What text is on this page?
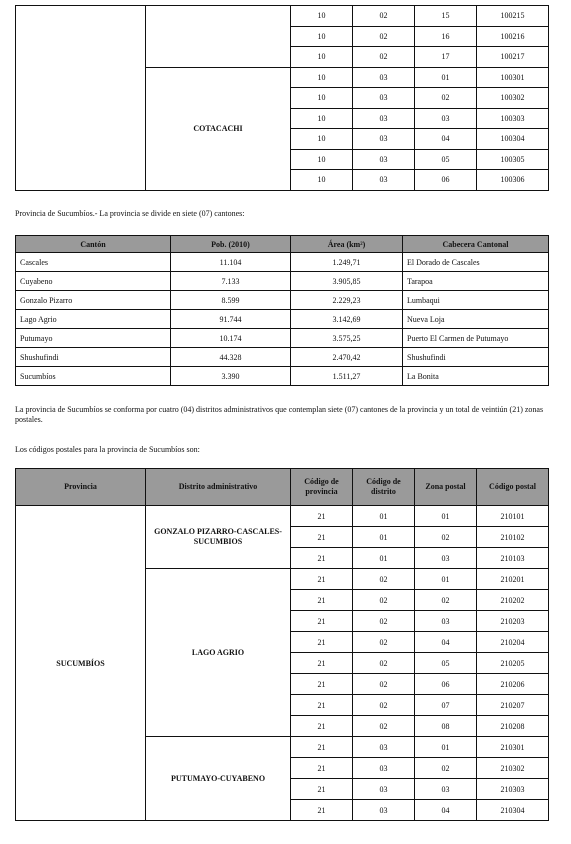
		10	02	15	100215
		10	02	16	100216
		10	02	17	100217
	COTACACHI	10	03	01	100301
		10	03	02	100302
		10	03	03	100303
		10	03	04	100304
		10	03	05	100305
		10	03	06	100306

Provincia de Sucumbíos.- La provincia se divide en siete (07) cantones:

Cantón	Pob. (2010)	Área (km²)	Cabecera Cantonal
Cascales	11.104	1.249,71	El Dorado de Cascales
Cuyabeno	7.133	3.905,85	Tarapoa
Gonzalo Pizarro	8.599	2.229,23	Lumbaqui
Lago Agrio	91.744	3.142,69	Nueva Loja
Putumayo	10.174	3.575,25	Puerto El Carmen de Putumayo
Shushufindi	44.328	2.470,42	Shushufindi
Sucumbíos	3.390	1.511,27	La Bonita

La provincia de Sucumbíos se conforma por cuatro (04) distritos administrativos que contemplan siete (07) cantones de la provincia y un total de veintiún (21) zonas postales.

Los códigos postales para la provincia de Sucumbíos son:

Provincia	Distrito administrativo	Código de provincia	Código de distrito	Zona postal	Código postal
SUCUMBÍOS	GONZALO PIZARRO-CASCALES-SUCUMBIOS	21	01	01	210101
		21	01	02	210102
		21	01	03	210103
	LAGO AGRIO	21	02	01	210201
		21	02	02	210202
		21	02	03	210203
		21	02	04	210204
		21	02	05	210205
		21	02	06	210206
		21	02	07	210207
		21	02	08	210208
	PUTUMAYO-CUYABENO	21	03	01	210301
		21	03	02	210302
		21	03	03	210303
		21	03	04	210304
